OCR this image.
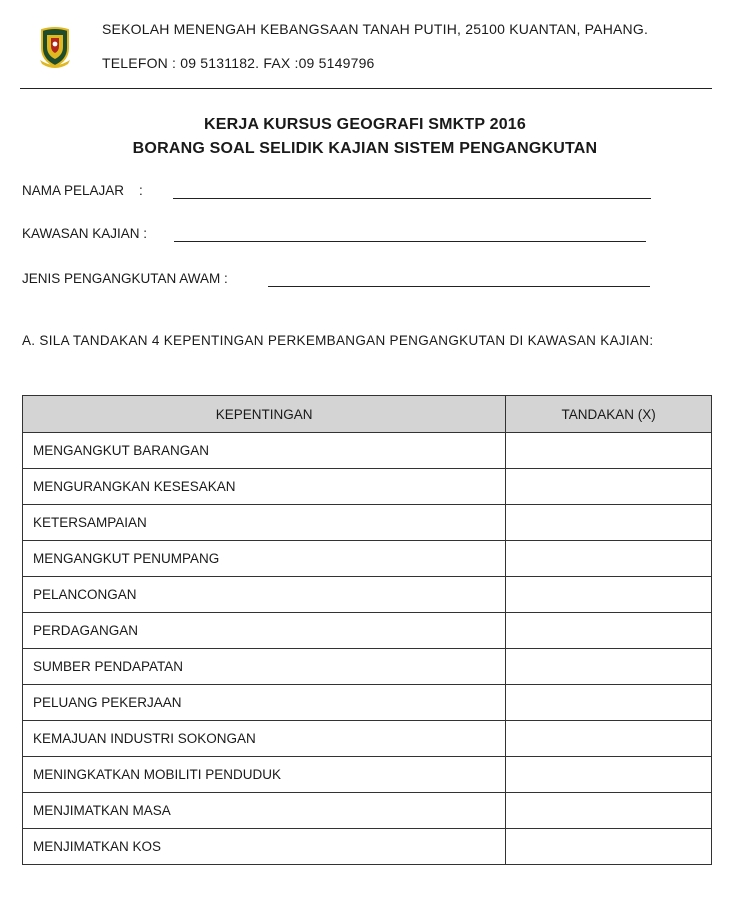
SEKOLAH MENENGAH KEBANGSAAN TANAH PUTIH, 25100 KUANTAN, PAHANG.
TELEFON : 09 5131182. FAX :09 5149796
KERJA KURSUS GEOGRAFI SMKTP 2016
BORANG SOAL SELIDIK KAJIAN SISTEM PENGANGKUTAN
NAMA PELAJAR    :
KAWASAN KAJIAN :
JENIS PENGANGKUTAN AWAM :
A. SILA TANDAKAN 4 KEPENTINGAN PERKEMBANGAN PENGANGKUTAN DI KAWASAN KAJIAN:
KEPENTINGAN	TANDAKAN (X)
MENGANGKUT BARANGAN	
MENGURANGKAN KESESAKAN	
KETERSAMPAIAN	
MENGANGKUT PENUMPANG	
PELANCONGAN	
PERDAGANGAN	
SUMBER PENDAPATAN	
PELUANG PEKERJAAN	
KEMAJUAN INDUSTRI SOKONGAN	
MENINGKATKAN MOBILITI PENDUDUK	
MENJIMATKAN MASA	
MENJIMATKAN KOS	
